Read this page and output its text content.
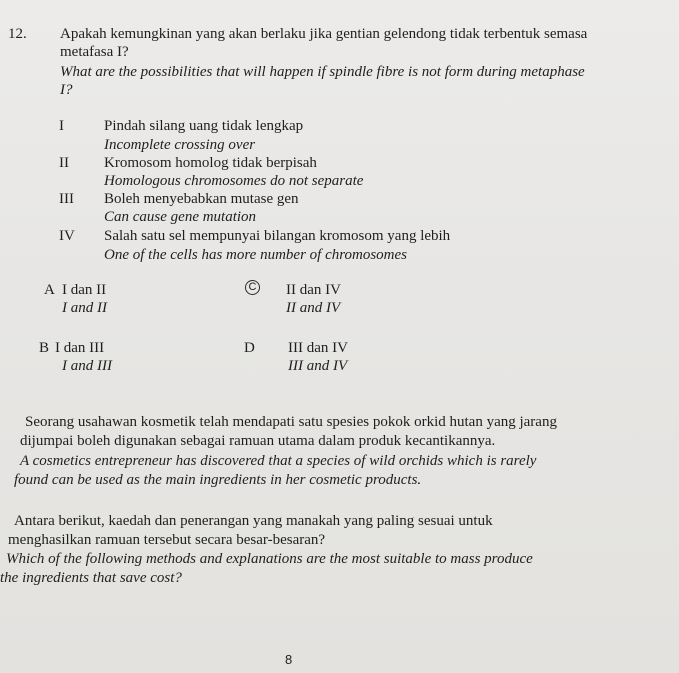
12. Apakah kemungkinan yang akan berlaku jika gentian gelendong tidak terbentuk semasa
metafasa I?
What are the possibilities that will happen if spindle fibre is not form during metaphase
I?
I	Pindah silang uang tidak lengkap
Incomplete crossing over
II Kromosom homolog tidak berpisah
Homologous chromosomes do not separate
III Boleh menyebabkan mutase gen
Can cause gene mutation
IV Salah satu sel mempunyai bilangan kromosom yang lebih
One of the cells has more number of chromosomes
A I dan II
I and II
C II dan IV
II and IV
B I dan III
I and III
D III dan IV
III and IV
Seorang usahawan kosmetik telah mendapati satu spesies pokok orkid hutan yang jarang
dijumpai boleh digunakan sebagai ramuan utama dalam produk kecantikannya.
A cosmetics entrepreneur has discovered that a species of wild orchids which is rarely
found can be used as the main ingredients in her cosmetic products.
Antara berikut, kaedah dan penerangan yang manakah yang paling sesuai untuk
menghasilkan ramuan tersebut secara besar-besaran?
Which of the following methods and explanations are the most suitable to mass produce
the ingredients that save cost?
8
